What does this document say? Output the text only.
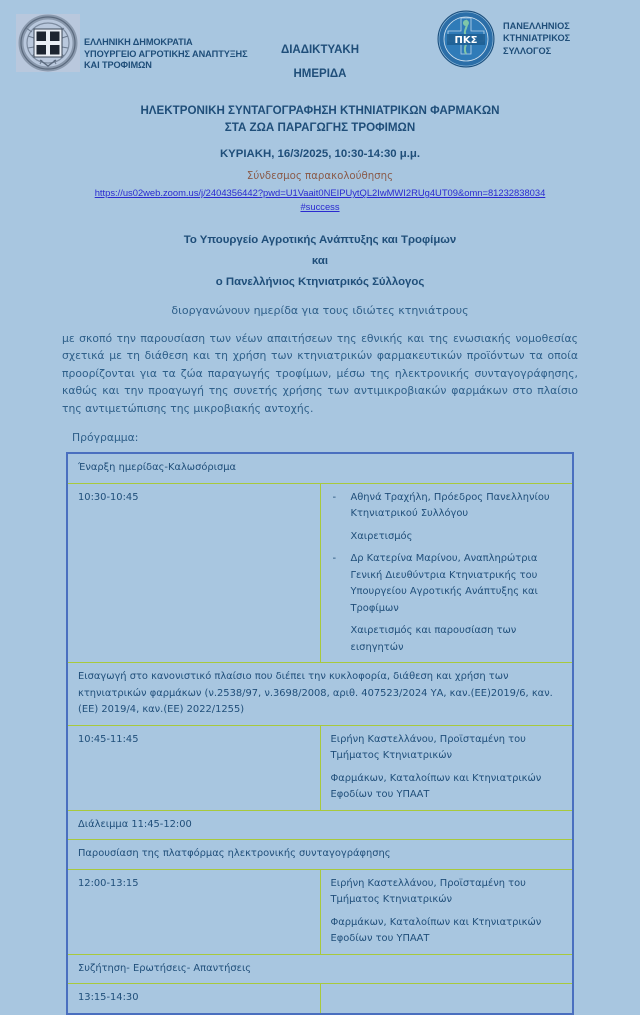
ΕΛΛΗΝΙΚΗ ΔΗΜΟΚΡΑΤΙΑ
ΥΠΟΥΡΓΕΙΟ ΑΓΡΟΤΙΚΗΣ ΑΝΑΠΤΥΞΗΣ
ΚΑΙ ΤΡΟΦΙΜΩΝ
ΠΚΣ
ΠΑΝΕΛΛΗΝΙΟΣ
ΚΤΗΝΙΑΤΡΙΚΟΣ
ΣΥΛΛΟΓΟΣ
ΔΙΑΔΙΚΤΥΑΚΗ
ΗΜΕΡΙΔΑ
ΗΛΕΚΤΡΟΝΙΚΗ ΣΥΝΤΑΓΟΓΡΑΦΗΣΗ ΚΤΗΝΙΑΤΡΙΚΩΝ ΦΑΡΜΑΚΩΝ
ΣΤΑ ΖΩΑ ΠΑΡΑΓΩΓΗΣ ΤΡΟΦΙΜΩΝ
ΚΥΡΙΑΚΗ, 16/3/2025, 10:30-14:30 μ.μ.
Σύνδεσμος παρακολούθησης
https://us02web.zoom.us/j/2404356442?pwd=U1Vaait0NEIPUytQL2IwMWI2RUg4UT09&omn=81232838034
#success
Το Υπουργείο Αγροτικής Ανάπτυξης και Τροφίμων
και
ο Πανελλήνιος Κτηνιατρικός Σύλλογος
διοργανώνουν ημερίδα για τους ιδιώτες κτηνιάτρους
με σκοπό την παρουσίαση των νέων απαιτήσεων της εθνικής και της ενωσιακής νομοθεσίας σχετικά με τη διάθεση και τη χρήση των κτηνιατρικών φαρμακευτικών προϊόντων τα οποία προορίζονται για τα ζώα παραγωγής τροφίμων, μέσω της ηλεκτρονικής συνταγογράφησης, καθώς και την προαγωγή της συνετής χρήσης των αντιμικροβιακών φαρμάκων στο πλαίσιο της αντιμετώπισης της μικροβιακής αντοχής.
Πρόγραμμα:
Έναρξη ημερίδας-Καλωσόρισμα	
10:30-10:45	- Αθηνά Τραχήλη, Πρόεδρος Πανελληνίου Κτηνιατρικού Συλλόγου
Χαιρετισμός
- Δρ Κατερίνα Μαρίνου, Αναπληρώτρια Γενική Διευθύντρια Κτηνιατρικής του Υπουργείου Αγροτικής Ανάπτυξης και Τροφίμων
Χαιρετισμός και παρουσίαση των εισηγητών

Εισαγωγή στο κανονιστικό πλαίσιο που διέπει την κυκλοφορία, διάθεση και χρήση των κτηνιατρικών φαρμάκων (ν.2538/97, ν.3698/2008, αριθ. 407523/2024 ΥΑ, καν.(ΕΕ)2019/6, καν.(ΕΕ) 2019/4, καν.(ΕΕ) 2022/1255)	
10:45-11:45	Ειρήνη Καστελλάνου, Προϊσταμένη του Τμήματος Κτηνιατρικών
Φαρμάκων, Καταλοίπων και Κτηνιατρικών Εφοδίων του ΥΠΑΑΤ

Διάλειμμα 11:45-12:00	
Παρουσίαση της πλατφόρμας ηλεκτρονικής συνταγογράφησης	
12:00-13:15	Ειρήνη Καστελλάνου, Προϊσταμένη του Τμήματος Κτηνιατρικών
Φαρμάκων, Καταλοίπων και Κτηνιατρικών Εφοδίων του ΥΠΑΑΤ

Συζήτηση- Ερωτήσεις- Απαντήσεις	
13:15-14:30	
